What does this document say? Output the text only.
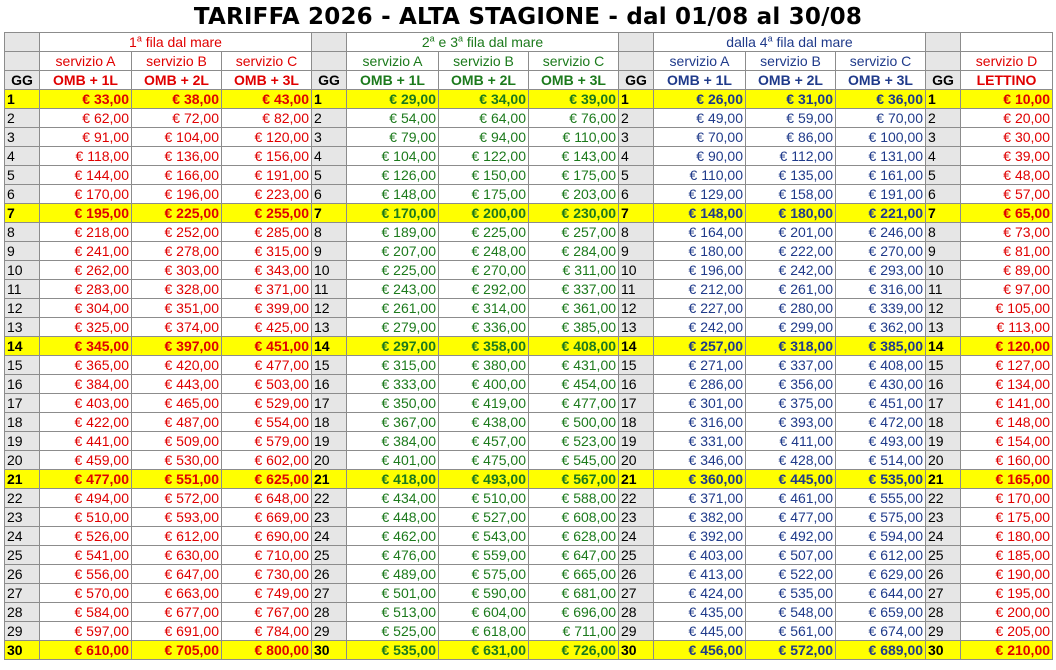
TARIFFA 2026 - ALTA STAGIONE - dal 01/08 al 30/08
	1$^a$ fila dal mare				2$^a$ e 3$^a$ fila dal mare				dalla 4$^a$ fila dal mare				
	servizio A	servizio B	servizio C		servizio A	servizio B	servizio C		servizio A	servizio B	servizio C		servizio D
GG	OMB + 1L	OMB + 2L	OMB + 3L	GG	OMB + 1L	OMB + 2L	OMB + 3L	GG	OMB + 1L	OMB + 2L	OMB + 3L	GG	LETTINO
1	€ 33,00	€ 38,00	€ 43,00	1	€ 29,00	€ 34,00	€ 39,00	1	€ 26,00	€ 31,00	€ 36,00	1	€ 10,00
2	€ 62,00	€ 72,00	€ 82,00	2	€ 54,00	€ 64,00	€ 76,00	2	€ 49,00	€ 59,00	€ 70,00	2	€ 20,00
3	€ 91,00	€ 104,00	€ 120,00	3	€ 79,00	€ 94,00	€ 110,00	3	€ 70,00	€ 86,00	€ 100,00	3	€ 30,00
4	€ 118,00	€ 136,00	€ 156,00	4	€ 104,00	€ 122,00	€ 143,00	4	€ 90,00	€ 112,00	€ 131,00	4	€ 39,00
5	€ 144,00	€ 166,00	€ 191,00	5	€ 126,00	€ 150,00	€ 175,00	5	€ 110,00	€ 135,00	€ 161,00	5	€ 48,00
6	€ 170,00	€ 196,00	€ 223,00	6	€ 148,00	€ 175,00	€ 203,00	6	€ 129,00	€ 158,00	€ 191,00	6	€ 57,00
7	€ 195,00	€ 225,00	€ 255,00	7	€ 170,00	€ 200,00	€ 230,00	7	€ 148,00	€ 180,00	€ 221,00	7	€ 65,00
8	€ 218,00	€ 252,00	€ 285,00	8	€ 189,00	€ 225,00	€ 257,00	8	€ 164,00	€ 201,00	€ 246,00	8	€ 73,00
9	€ 241,00	€ 278,00	€ 315,00	9	€ 207,00	€ 248,00	€ 284,00	9	€ 180,00	€ 222,00	€ 270,00	9	€ 81,00
10	€ 262,00	€ 303,00	€ 343,00	10	€ 225,00	€ 270,00	€ 311,00	10	€ 196,00	€ 242,00	€ 293,00	10	€ 89,00
11	€ 283,00	€ 328,00	€ 371,00	11	€ 243,00	€ 292,00	€ 337,00	11	€ 212,00	€ 261,00	€ 316,00	11	€ 97,00
12	€ 304,00	€ 351,00	€ 399,00	12	€ 261,00	€ 314,00	€ 361,00	12	€ 227,00	€ 280,00	€ 339,00	12	€ 105,00
13	€ 325,00	€ 374,00	€ 425,00	13	€ 279,00	€ 336,00	€ 385,00	13	€ 242,00	€ 299,00	€ 362,00	13	€ 113,00
14	€ 345,00	€ 397,00	€ 451,00	14	€ 297,00	€ 358,00	€ 408,00	14	€ 257,00	€ 318,00	€ 385,00	14	€ 120,00
15	€ 365,00	€ 420,00	€ 477,00	15	€ 315,00	€ 380,00	€ 431,00	15	€ 271,00	€ 337,00	€ 408,00	15	€ 127,00
16	€ 384,00	€ 443,00	€ 503,00	16	€ 333,00	€ 400,00	€ 454,00	16	€ 286,00	€ 356,00	€ 430,00	16	€ 134,00
17	€ 403,00	€ 465,00	€ 529,00	17	€ 350,00	€ 419,00	€ 477,00	17	€ 301,00	€ 375,00	€ 451,00	17	€ 141,00
18	€ 422,00	€ 487,00	€ 554,00	18	€ 367,00	€ 438,00	€ 500,00	18	€ 316,00	€ 393,00	€ 472,00	18	€ 148,00
19	€ 441,00	€ 509,00	€ 579,00	19	€ 384,00	€ 457,00	€ 523,00	19	€ 331,00	€ 411,00	€ 493,00	19	€ 154,00
20	€ 459,00	€ 530,00	€ 602,00	20	€ 401,00	€ 475,00	€ 545,00	20	€ 346,00	€ 428,00	€ 514,00	20	€ 160,00
21	€ 477,00	€ 551,00	€ 625,00	21	€ 418,00	€ 493,00	€ 567,00	21	€ 360,00	€ 445,00	€ 535,00	21	€ 165,00
22	€ 494,00	€ 572,00	€ 648,00	22	€ 434,00	€ 510,00	€ 588,00	22	€ 371,00	€ 461,00	€ 555,00	22	€ 170,00
23	€ 510,00	€ 593,00	€ 669,00	23	€ 448,00	€ 527,00	€ 608,00	23	€ 382,00	€ 477,00	€ 575,00	23	€ 175,00
24	€ 526,00	€ 612,00	€ 690,00	24	€ 462,00	€ 543,00	€ 628,00	24	€ 392,00	€ 492,00	€ 594,00	24	€ 180,00
25	€ 541,00	€ 630,00	€ 710,00	25	€ 476,00	€ 559,00	€ 647,00	25	€ 403,00	€ 507,00	€ 612,00	25	€ 185,00
26	€ 556,00	€ 647,00	€ 730,00	26	€ 489,00	€ 575,00	€ 665,00	26	€ 413,00	€ 522,00	€ 629,00	26	€ 190,00
27	€ 570,00	€ 663,00	€ 749,00	27	€ 501,00	€ 590,00	€ 681,00	27	€ 424,00	€ 535,00	€ 644,00	27	€ 195,00
28	€ 584,00	€ 677,00	€ 767,00	28	€ 513,00	€ 604,00	€ 696,00	28	€ 435,00	€ 548,00	€ 659,00	28	€ 200,00
29	€ 597,00	€ 691,00	€ 784,00	29	€ 525,00	€ 618,00	€ 711,00	29	€ 445,00	€ 561,00	€ 674,00	29	€ 205,00
30	€ 610,00	€ 705,00	€ 800,00	30	€ 535,00	€ 631,00	€ 726,00	30	€ 456,00	€ 572,00	€ 689,00	30	€ 210,00
